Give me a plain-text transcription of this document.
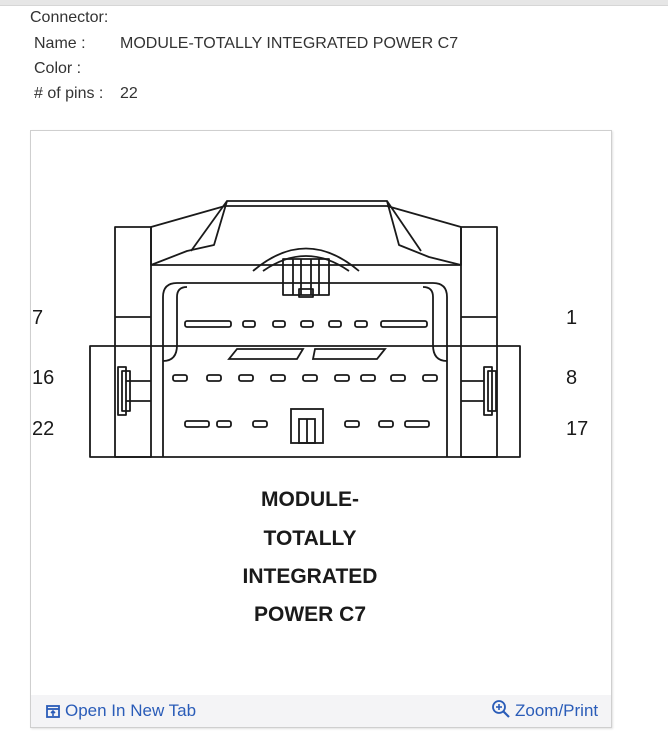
Connector:
Name : MODULE-TOTALLY INTEGRATED POWER C7
Color :
# of pins : 22
7
16
22
1
8
17
MODULE-
TOTALLY
INTEGRATED
POWER C7
Open In New Tab	Zoom/Print
